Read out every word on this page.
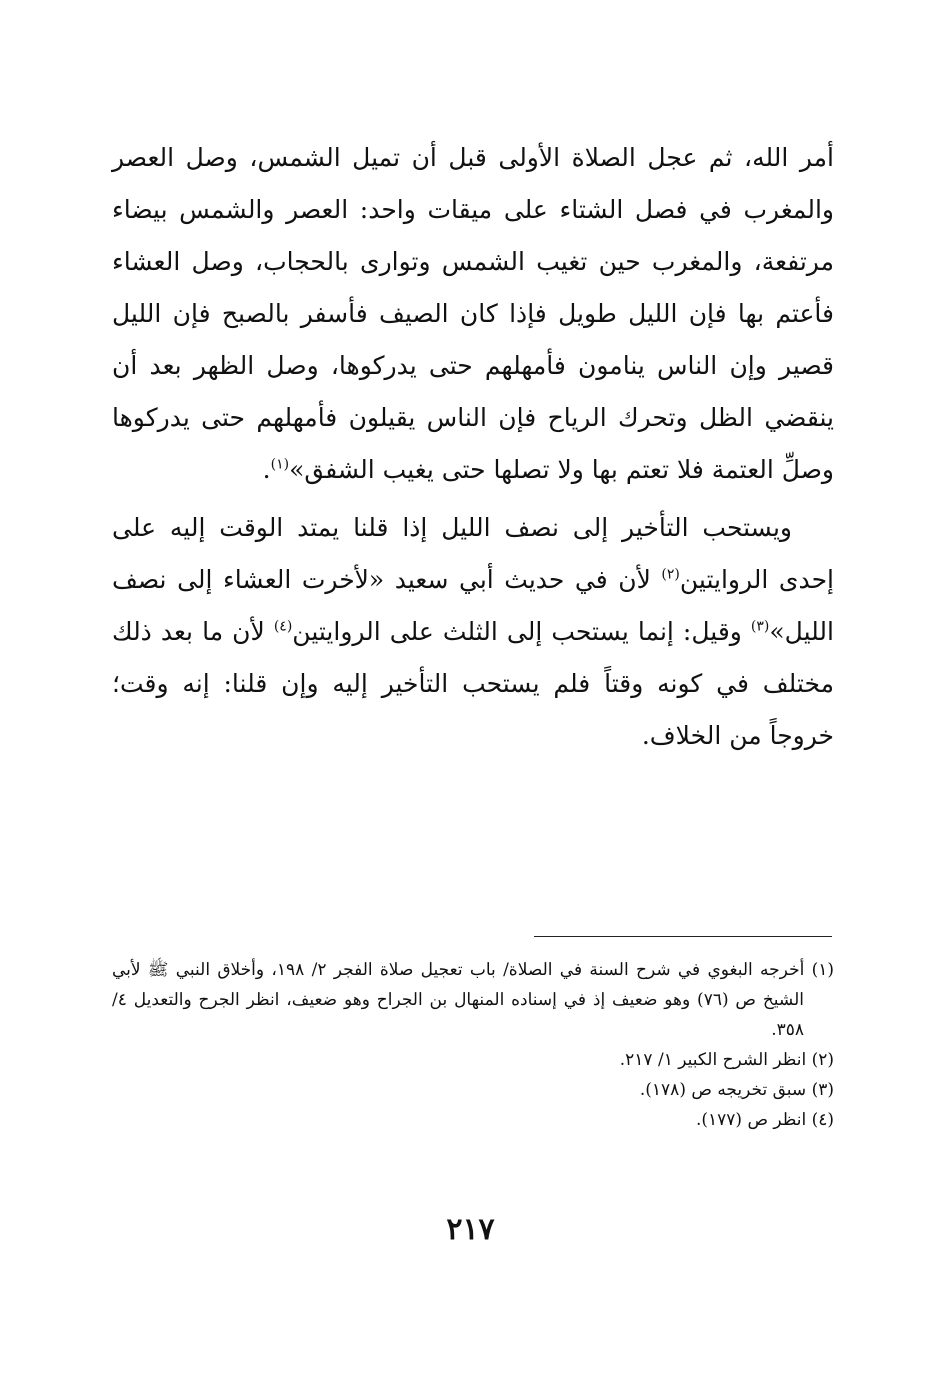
أمر الله، ثم عجل الصلاة الأولى قبل أن تميل الشمس، وصل العصر والمغرب في فصل الشتاء على ميقات واحد: العصر والشمس بيضاء مرتفعة، والمغرب حين تغيب الشمس وتوارى بالحجاب، وصل العشاء فأعتم بها فإن الليل طويل فإذا كان الصيف فأسفر بالصبح فإن الليل قصير وإن الناس ينامون فأمهلهم حتى يدركوها، وصل الظهر بعد أن ينقضي الظل وتحرك الرياح فإن الناس يقيلون فأمهلهم حتى يدركوها وصلِّ العتمة فلا تعتم بها ولا تصلها حتى يغيب الشفق»$^{(١)}$.

ويستحب التأخير إلى نصف الليل إذا قلنا يمتد الوقت إليه على إحدى الروايتين$^{(٢)}$ لأن في حديث أبي سعيد «لأخرت العشاء إلى نصف الليل»$^{(٣)}$ وقيل: إنما يستحب إلى الثلث على الروايتين$^{(٤)}$ لأن ما بعد ذلك مختلف في كونه وقتاً فلم يستحب التأخير إليه وإن قلنا: إنه وقت؛ خروجاً من الخلاف.

(١) أخرجه البغوي في شرح السنة في الصلاة/ باب تعجيل صلاة الفجر ٢/ ١٩٨، وأخلاق النبي ﷺ لأبي الشيخ ص (٧٦) وهو ضعيف إذ في إسناده المنهال بن الجراح وهو ضعيف، انظر الجرح والتعديل ٤/ ٣٥٨.

(٢) انظر الشرح الكبير ١/ ٢١٧.

(٣) سبق تخريجه ص (١٧٨).

(٤) انظر ص (١٧٧).

٢١٧
